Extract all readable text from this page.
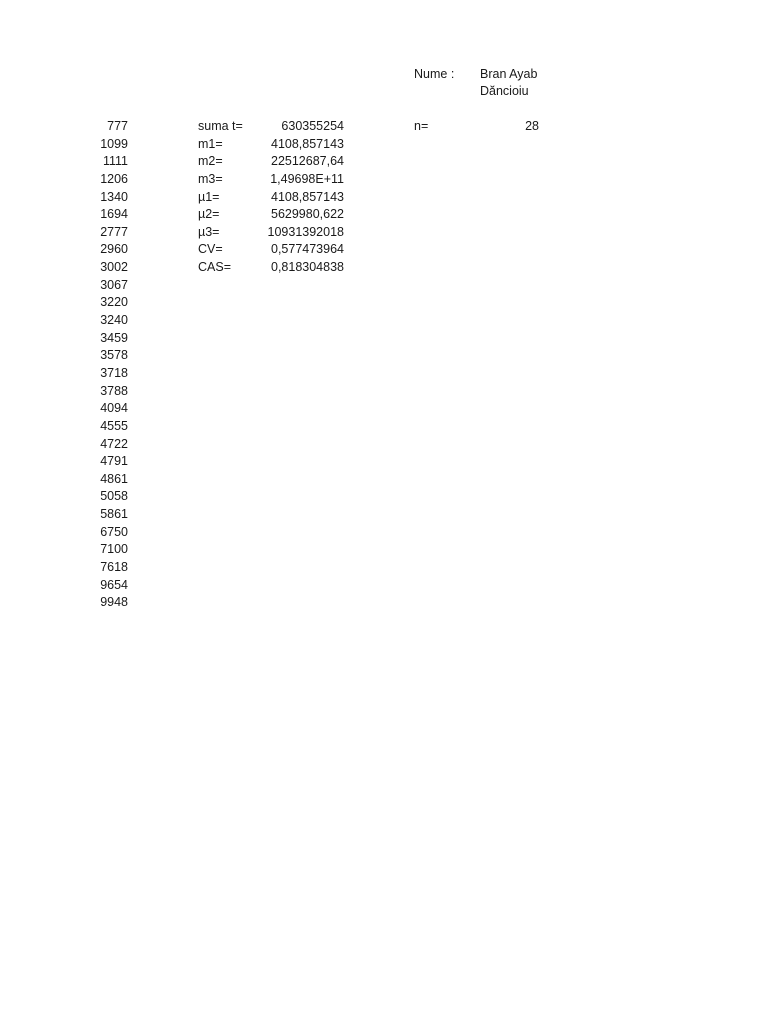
Nume : Bran Ayab
Dăncioiu
n=	28
777
1099
1111
1206
1340
1694
2777
2960
3002
3067
3220
3240
3459
3578
3718
3788
4094
4555
4722
4791
4861
5058
5861
6750
7100
7618
9654
9948
suma t=	630355254
m1=	4108,857143
m2=	22512687,64
m3=	1,49698E+11
µ1=	4108,857143
µ2=	5629980,622
µ3=	10931392018
CV=	0,577473964
CAS=	0,818304838
